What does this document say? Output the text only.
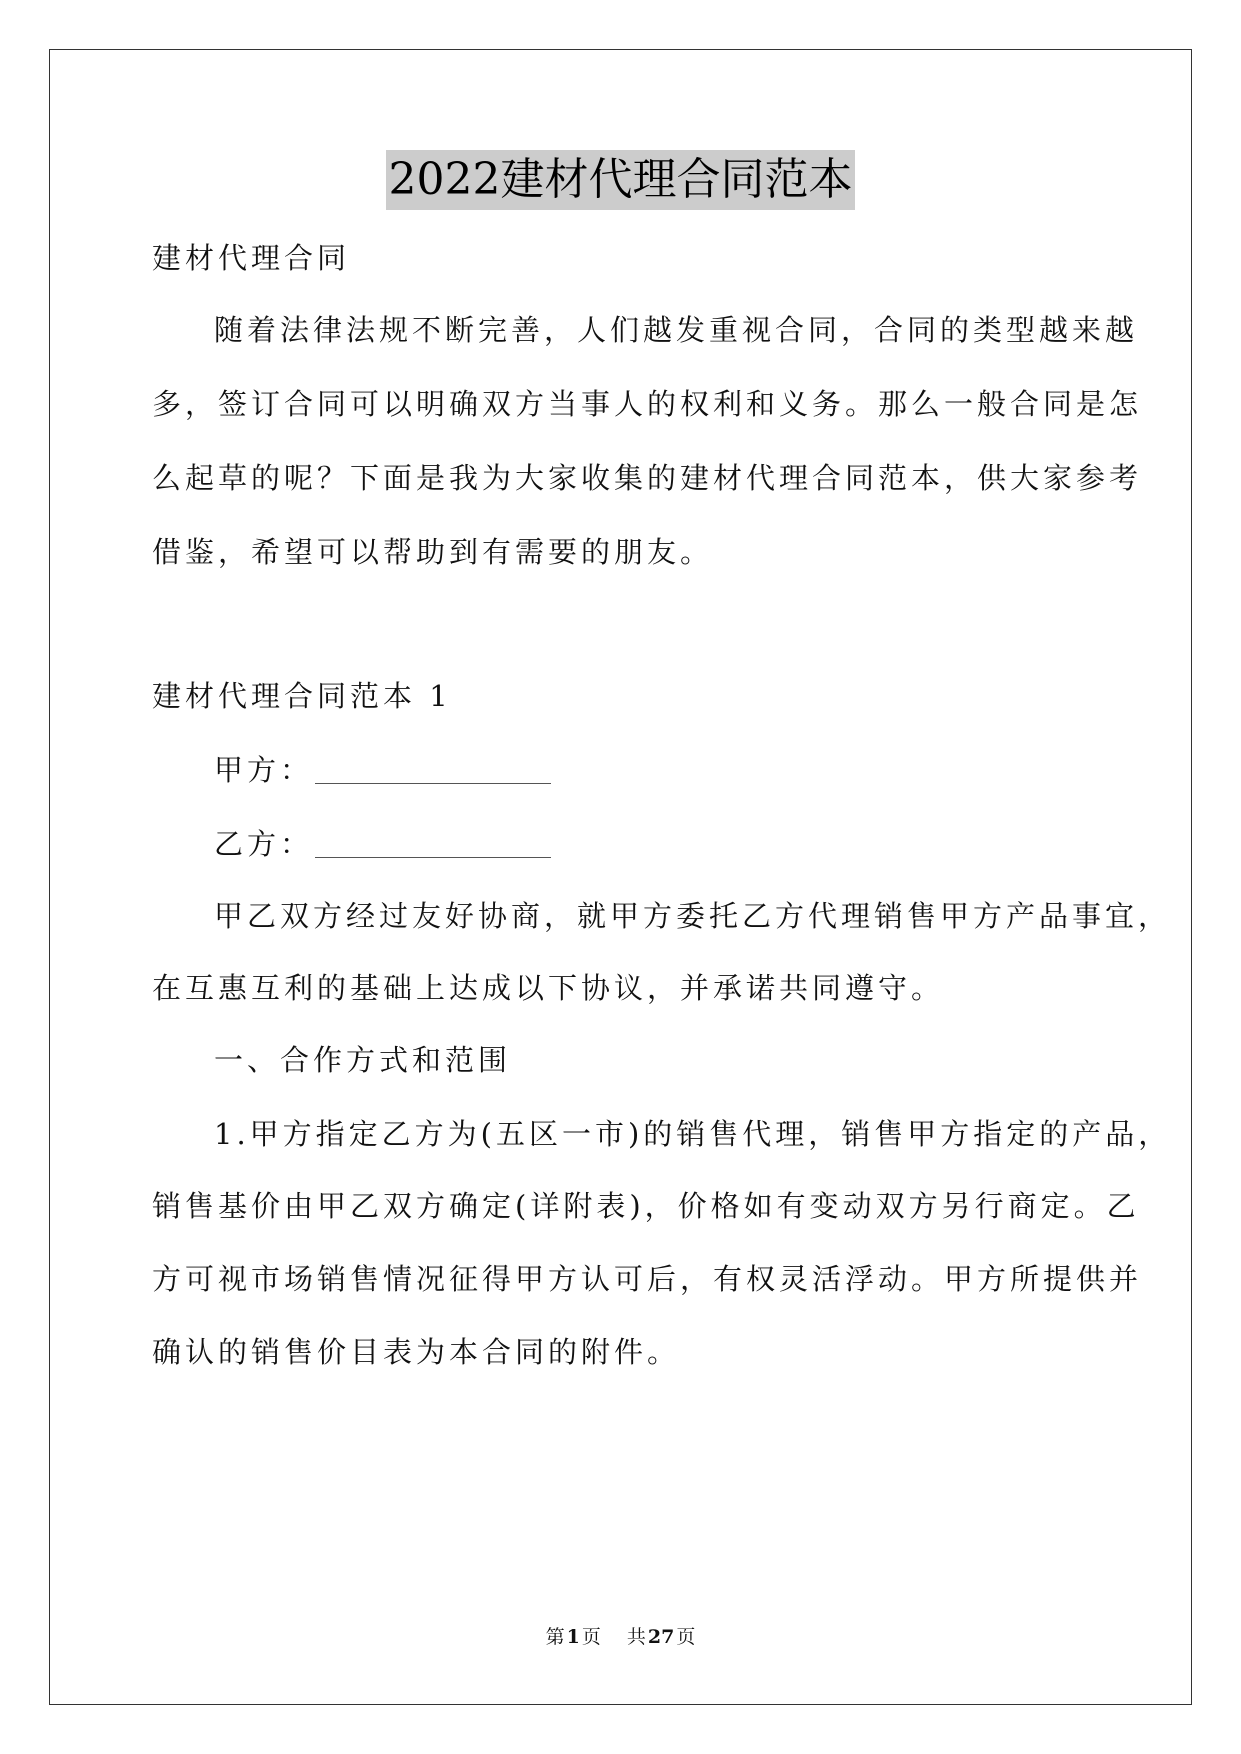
2022建材代理合同范本
建材代理合同
随着法律法规不断完善，人们越发重视合同，合同的类型越来越
多，签订合同可以明确双方当事人的权利和义务。那么一般合同是怎
么起草的呢？下面是我为大家收集的建材代理合同范本，供大家参考
借鉴，希望可以帮助到有需要的朋友。
建材代理合同范本 1
甲方：
乙方：
甲乙双方经过友好协商，就甲方委托乙方代理销售甲方产品事宜，
在互惠互利的基础上达成以下协议，并承诺共同遵守。
一、合作方式和范围
1.甲方指定乙方为(五区一市)的销售代理，销售甲方指定的产品，
销售基价由甲乙双方确定(详附表)，价格如有变动双方另行商定。乙
方可视市场销售情况征得甲方认可后，有权灵活浮动。甲方所提供并
确认的销售价目表为本合同的附件。
第 1 页 共 27 页
